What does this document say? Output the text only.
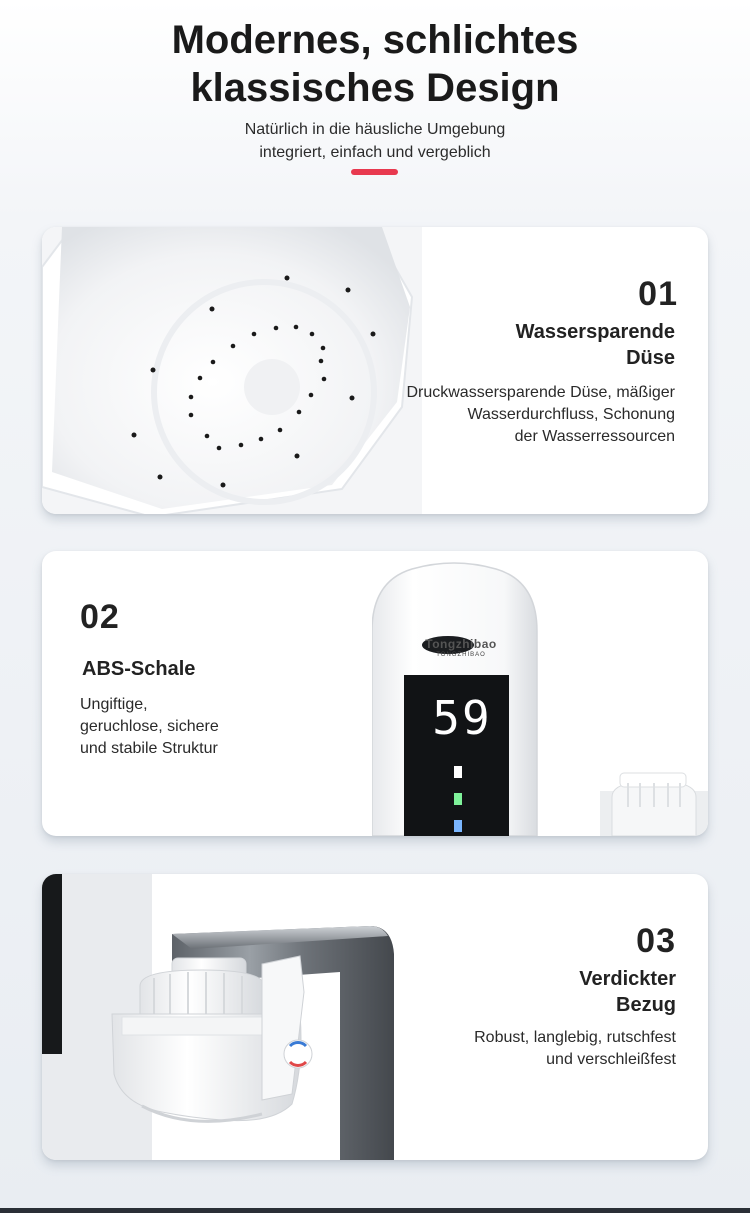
Modernes, schlichtes
klassisches Design
Natürlich in die häusliche Umgebung
integriert, einfach und vergeblich
01
Wassersparende
Düse
Druckwassersparende Düse, mäßiger
Wasserdurchfluss, Schonung
der Wasserressourcen
02
ABS-Schale
Ungiftige,
geruchlose, sichere
und stabile Struktur
Tongzhibao
TONGZHIBAO
59
03
Verdickter
Bezug
Robust, langlebig, rutschfest
und verschleißfest
